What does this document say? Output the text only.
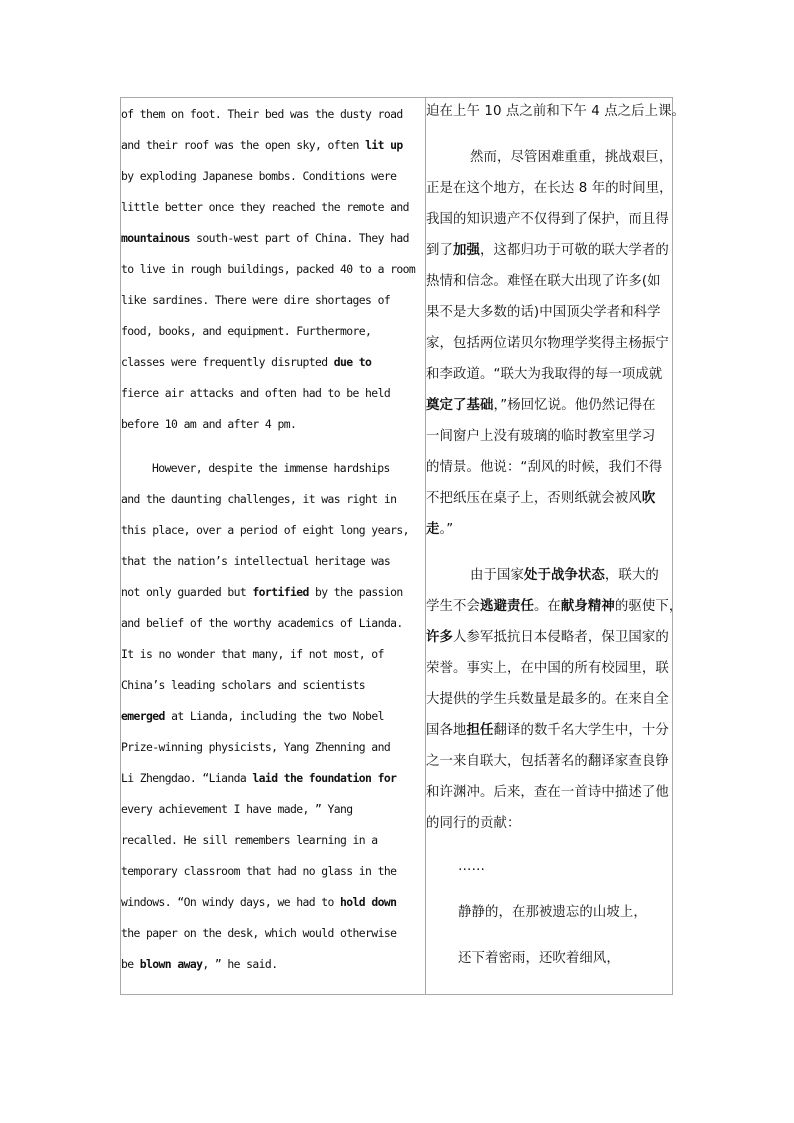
of them on foot. Their bed was the dusty road
and their roof was the open sky, often lit up
by exploding Japanese bombs. Conditions were
little better once they reached the remote and
mountainous south-west part of China. They had
to live in rough buildings, packed 40 to a room
like sardines. There were dire shortages of
food, books, and equipment. Furthermore,
classes were frequently disrupted due to
fierce air attacks and often had to be held
before 10 am and after 4 pm.
However, despite the immense hardships
and the daunting challenges, it was right in
this place, over a period of eight long years,
that the nation’s intellectual heritage was
not only guarded but fortified by the passion
and belief of the worthy academics of Lianda.
It is no wonder that many, if not most, of
China’s leading scholars and scientists
emerged at Lianda, including the two Nobel
Prize-winning physicists, Yang Zhenning and
Li Zhengdao. “Lianda laid the foundation for
every achievement I have made, ” Yang
recalled. He sill remembers learning in a
temporary classroom that had no glass in the
windows. “On windy days, we had to hold down
the paper on the desk, which would otherwise
be blown away, ” he said.
迫在上午 10 点之前和下午 4 点之后上课。
然而，尽管困难重重，挑战艰巨，
正是在这个地方，在长达 8 年的时间里，
我国的知识遗产不仅得到了保护，而且得
到了加强，这都归功于可敬的联大学者的
热情和信念。难怪在联大出现了许多(如
果不是大多数的话)中国顶尖学者和科学
家，包括两位诺贝尔物理学奖得主杨振宁
和李政道。“联大为我取得的每一项成就
奠定了基础，”杨回忆说。他仍然记得在
一间窗户上没有玻璃的临时教室里学习
的情景。他说：“刮风的时候，我们不得
不把纸压在桌子上，否则纸就会被风吹
走。”
由于国家处于战争状态，联大的
学生不会逃避责任。在献身精神的驱使下，
许多人参军抵抗日本侵略者，保卫国家的
荣誉。事实上，在中国的所有校园里，联
大提供的学生兵数量是最多的。在来自全
国各地担任翻译的数千名大学生中，十分
之一来自联大，包括著名的翻译家查良铮
和许渊冲。后来，查在一首诗中描述了他
的同行的贡献：
……
静静的，在那被遗忘的山坡上，
还下着密雨，还吹着细风，
